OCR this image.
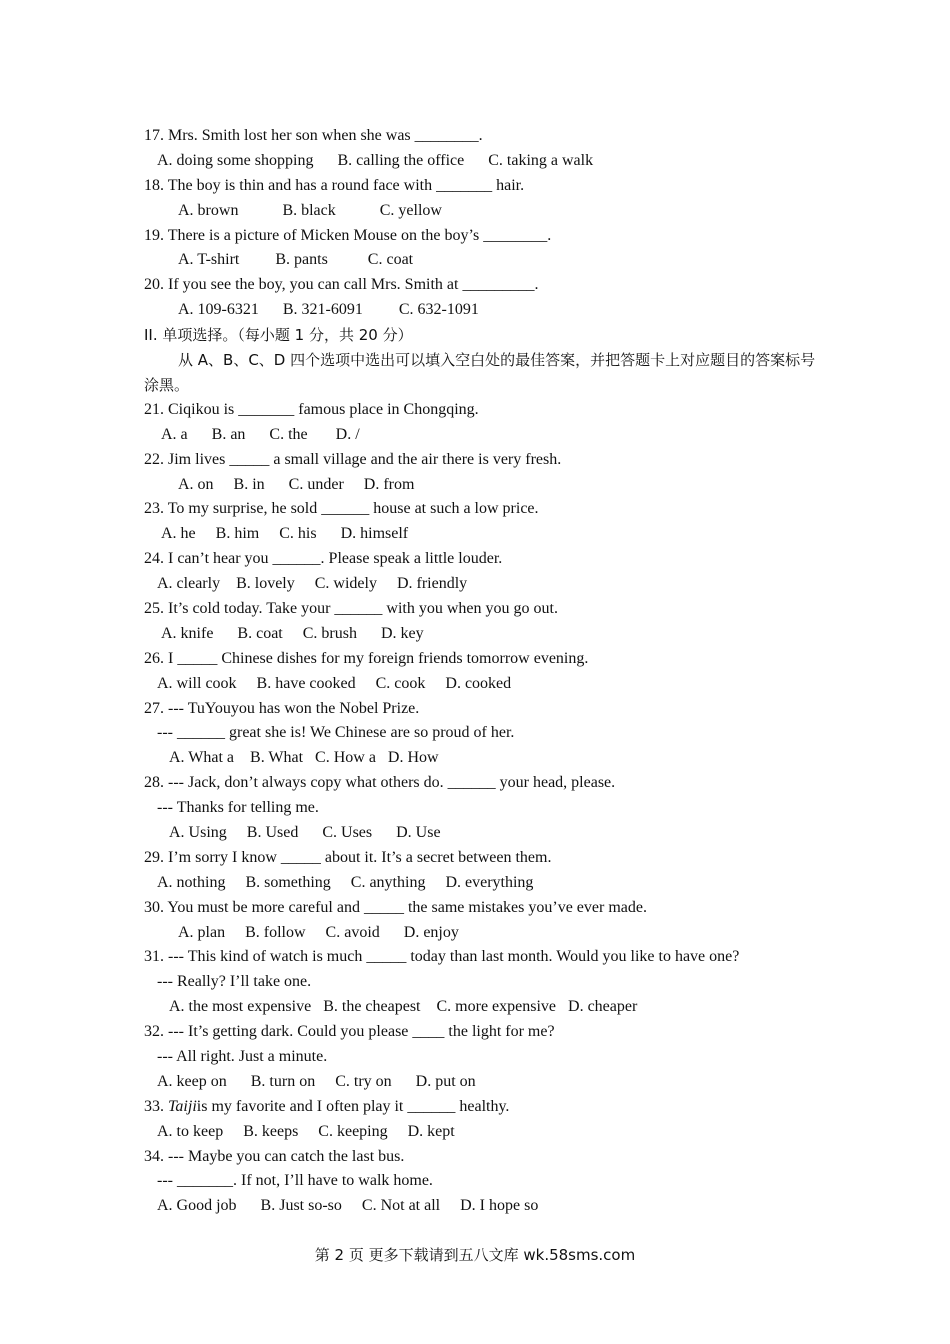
17. Mrs. Smith lost her son when she was ________.
A. doing some shopping      B. calling the office      C. taking a walk
18. The boy is thin and has a round face with _______ hair.
A. brown           B. black           C. yellow
19. There is a picture of Micken Mouse on the boy’s ________.
A. T-shirt         B. pants          C. coat
20. If you see the boy, you can call Mrs. Smith at _________.
A. 109-6321      B. 321-6091         C. 632-1091
II. 单项选择。（每小题 1 分，共 20 分）
从 A、B、C、D 四个选项中选出可以填入空白处的最佳答案，并把答题卡上对应题目的答案标号涂黑。
21. Ciqikou is _______ famous place in Chongqing.
A. a      B. an      C. the       D. /
22. Jim lives _____ a small village and the air there is very fresh.
A. on     B. in      C. under     D. from
23. To my surprise, he sold ______ house at such a low price.
A. he     B. him     C. his      D. himself
24. I can’t hear you ______. Please speak a little louder.
A. clearly    B. lovely     C. widely     D. friendly
25. It’s cold today. Take your ______ with you when you go out.
A. knife      B. coat     C. brush      D. key
26. I _____ Chinese dishes for my foreign friends tomorrow evening.
A. will cook     B. have cooked     C. cook     D. cooked
27. --- TuYouyou has won the Nobel Prize.
--- ______ great she is! We Chinese are so proud of her.
A. What a    B. What   C. How a   D. How
28. --- Jack, don’t always copy what others do. ______ your head, please.
--- Thanks for telling me.
A. Using     B. Used      C. Uses      D. Use
29. I’m sorry I know _____ about it. It’s a secret between them.
A. nothing     B. something     C. anything     D. everything
30. You must be more careful and _____ the same mistakes you’ve ever made.
A. plan     B. follow     C. avoid      D. enjoy
31. --- This kind of watch is much _____ today than last month. Would you like to have one?
--- Really? I’ll take one.
A. the most expensive   B. the cheapest    C. more expensive   D. cheaper
32. --- It’s getting dark. Could you please ____ the light for me?
--- All right. Just a minute.
A. keep on      B. turn on     C. try on      D. put on
33. Taijiis my favorite and I often play it ______ healthy.
A. to keep     B. keeps     C. keeping     D. kept
34. --- Maybe you can catch the last bus.
--- _______. If not, I’ll have to walk home.
A. Good job      B. Just so-so     C. Not at all     D. I hope so
第 2 页 更多下载请到五八文库 wk.58sms.com
